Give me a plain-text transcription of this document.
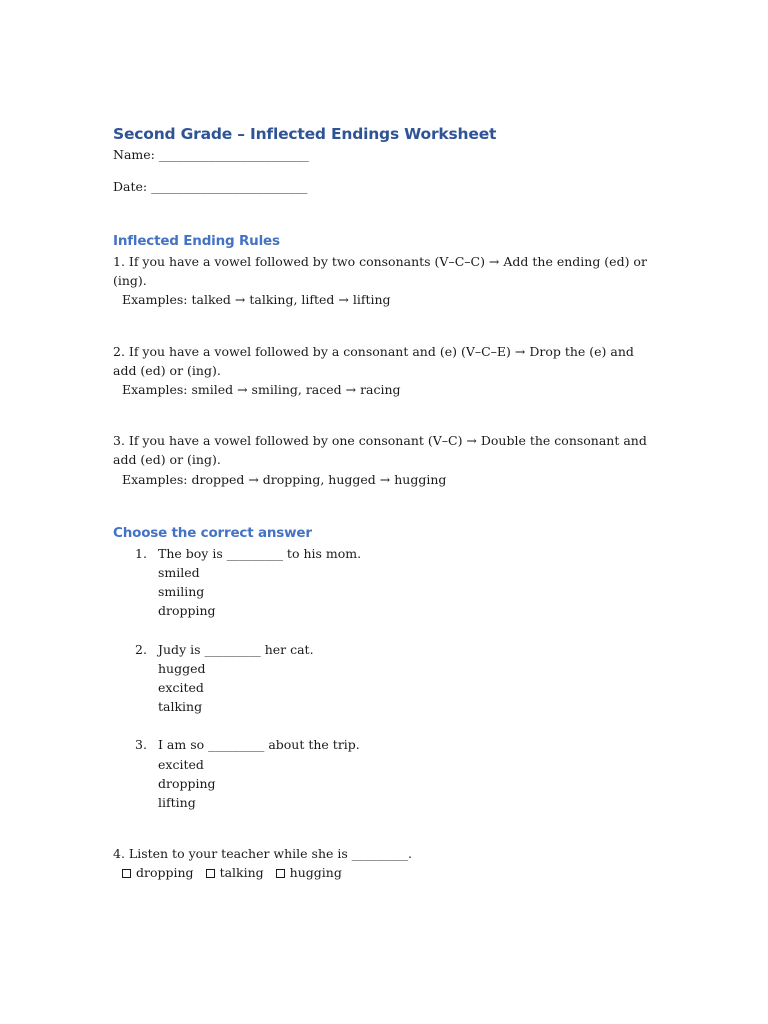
Second Grade – Inflected Endings Worksheet

Name: ________________________

Date: _________________________

Inflected Ending Rules

1. If you have a vowel followed by two consonants (V–C–C) → Add the ending (ed) or (ing).

Examples: talked → talking, lifted → lifting

2. If you have a vowel followed by a consonant and (e) (V–C–E) → Drop the (e) and add (ed) or (ing).

Examples: smiled → smiling, raced → racing

3. If you have a vowel followed by one consonant (V–C) → Double the consonant and add (ed) or (ing).

Examples: dropped → dropping, hugged → hugging

Choose the correct answer
1. The boy is _________ to his mom.
smiled
smiling
dropping
2. Judy is _________ her cat.
hugged
excited
talking
3. I am so _________ about the trip.
excited
dropping
lifting

4. Listen to your teacher while she is _________.

dropping talking hugging
